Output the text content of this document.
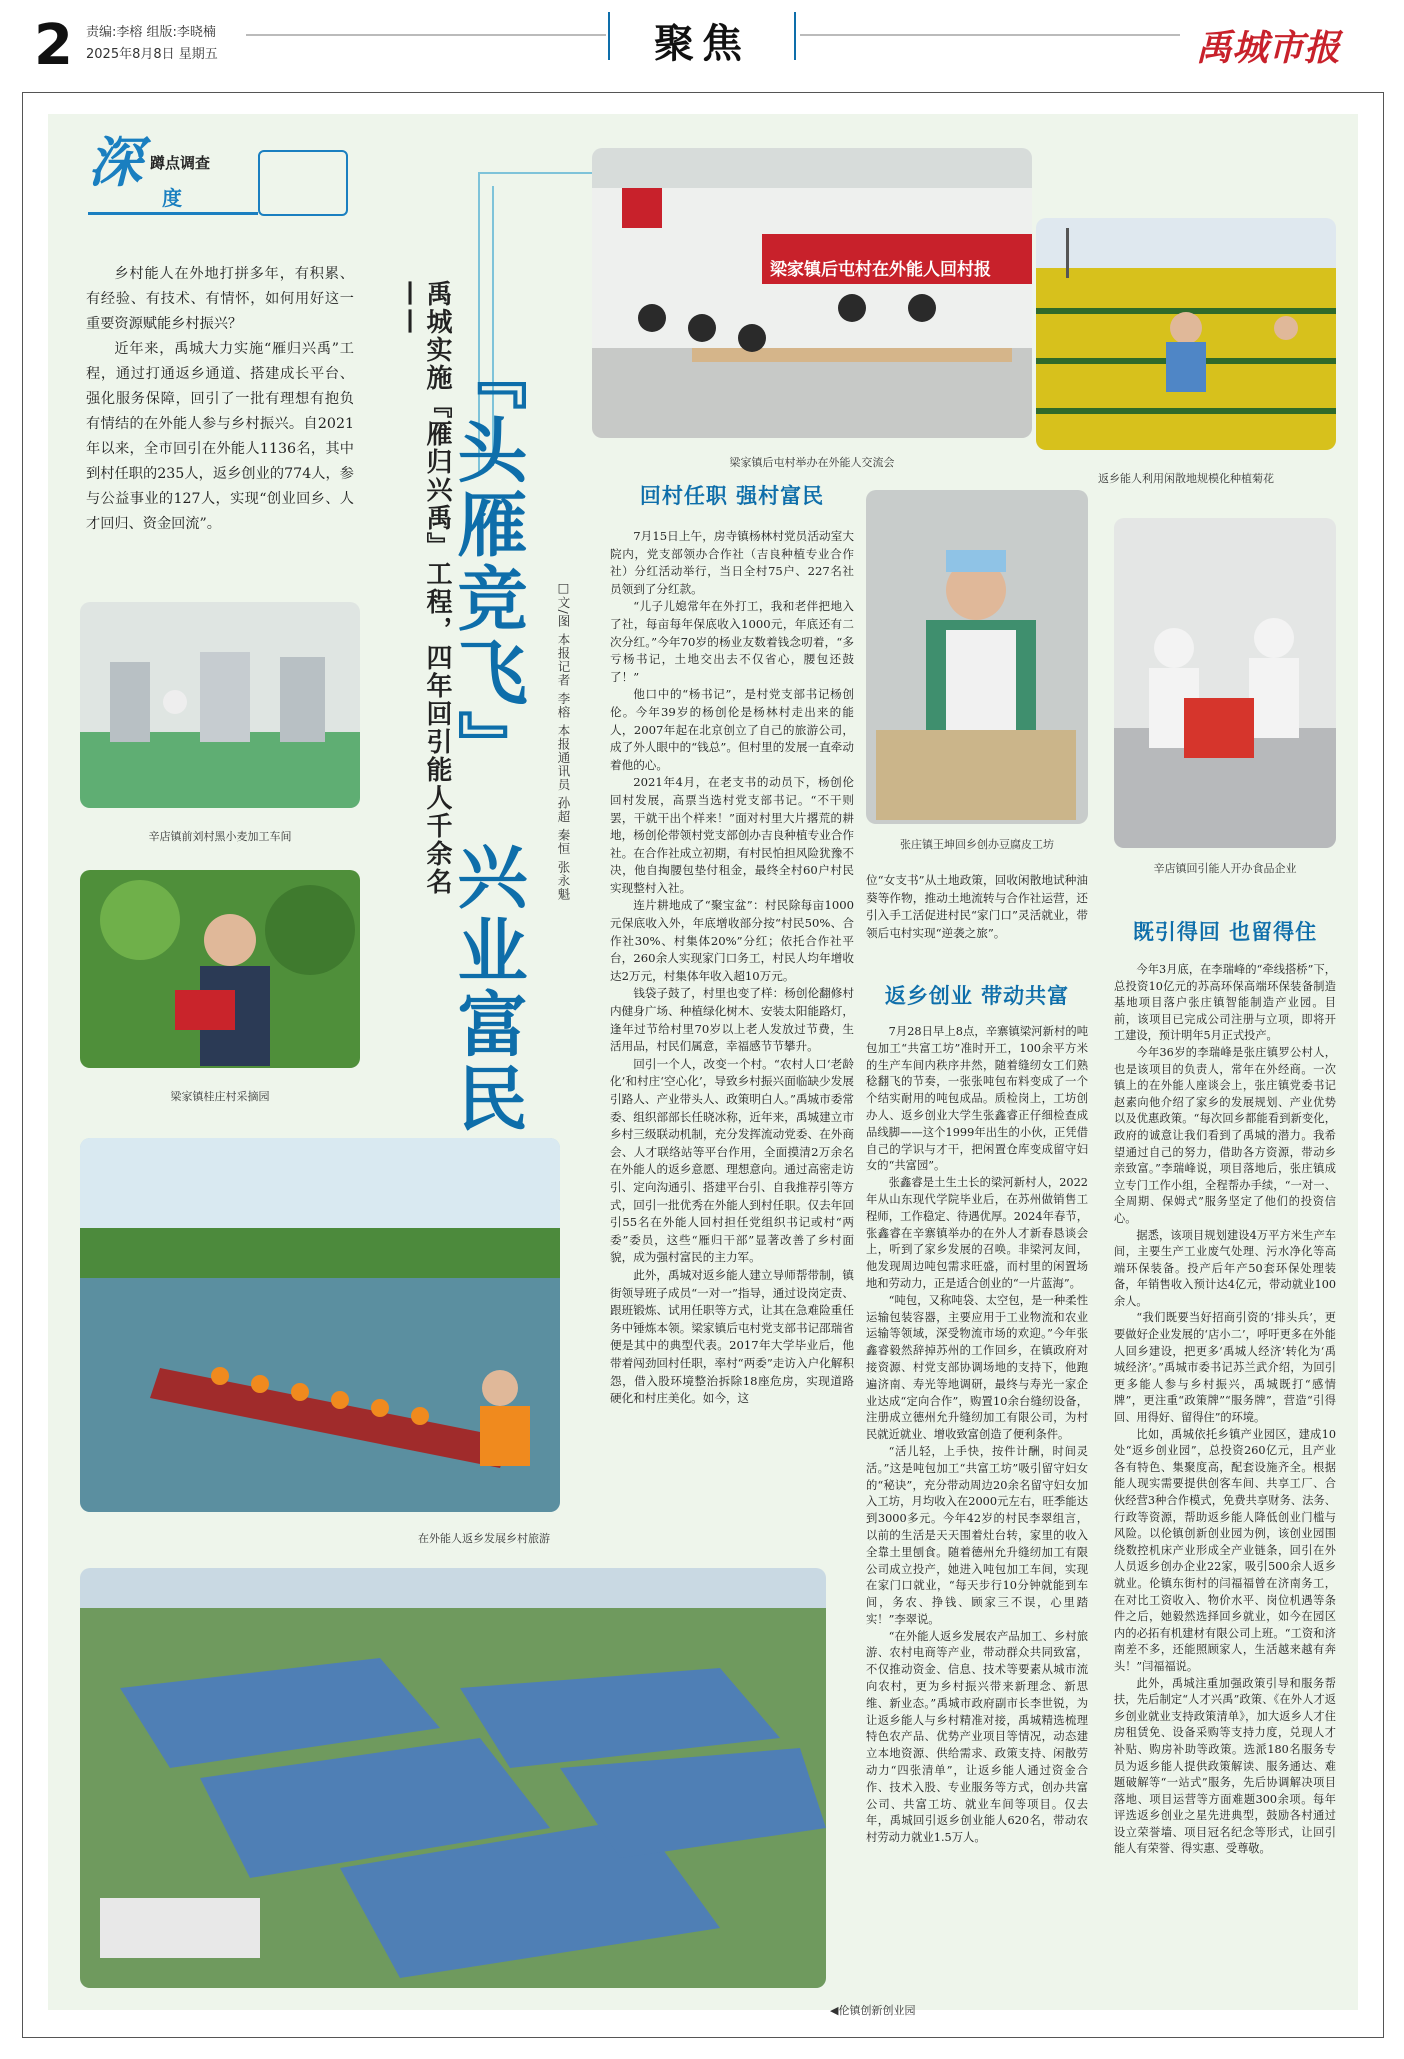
2 责编:李榕 组版:李晓楠
2025年8月8日 星期五	聚焦	禹城市报
深 蹲点调查
度

乡村能人在外地打拼多年，有积累、有经验、有技术、有情怀，如何用好这一重要资源赋能乡村振兴？

近年来，禹城大力实施“雁归兴禹”工程，通过打通返乡通道、搭建成长平台、强化服务保障，回引了一批有理想有抱负有情结的在外能人参与乡村振兴。自2021年以来，全市回引在外能人1136名，其中到村任职的235人，返乡创业的774人，参与公益事业的127人，实现“创业回乡、人才回归、资金回流”。	『头雁竞飞』
兴业富民
禹城实施『雁归兴禹』工程，四年回引能人千余名——
□文/图 本报记者 李榕 本报通讯员 孙超 秦恒 张永魁
辛店镇前刘村黑小麦加工车间
梁家镇桂庄村采摘园
在外能人返乡发展乡村旅游
◀伦镇创新创业园
梁家镇后屯村在外能人回村报
梁家镇后屯村举办在外能人交流会
返乡能人利用闲散地规模化种植菊花
张庄镇王坤回乡创办豆腐皮工坊
辛店镇回引能人开办食品企业
回村任职 强村富民

7月15日上午，房寺镇杨林村党员活动室大院内，党支部领办合作社（吉良种植专业合作社）分红活动举行，当日全村75户、227名社员领到了分红款。

“儿子儿媳常年在外打工，我和老伴把地入了社，每亩每年保底收入1000元，年底还有二次分红。”今年70岁的杨业友数着钱念叨着，“多亏杨书记，土地交出去不仅省心，腰包还鼓了！”

他口中的“杨书记”，是村党支部书记杨创伦。今年39岁的杨创伦是杨林村走出来的能人，2007年起在北京创立了自己的旅游公司，成了外人眼中的“钱总”。但村里的发展一直牵动着他的心。

2021年4月，在老支书的动员下，杨创伦回村发展，高票当选村党支部书记。“不干则罢，干就干出个样来！”面对村里大片撂荒的耕地，杨创伦带领村党支部创办吉良种植专业合作社。在合作社成立初期，有村民怕担风险犹豫不决，他自掏腰包垫付租金，最终全村60户村民实现整村入社。

连片耕地成了“聚宝盆”：村民除每亩1000元保底收入外，年底增收部分按“村民50%、合作社30%、村集体20%”分红；依托合作社平台，260余人实现家门口务工，村民人均年增收达2万元，村集体年收入超10万元。

钱袋子鼓了，村里也变了样：杨创伦翻修村内健身广场、种植绿化树木、安装太阳能路灯，逢年过节给村里70岁以上老人发放过节费，生活用品，村民们属意，幸福感节节攀升。

回引一个人，改变一个村。“农村人口‘老龄化’和村庄‘空心化’，导致乡村振兴面临缺少发展引路人、产业带头人、政策明白人。”禹城市委常委、组织部部长任晓冰称，近年来，禹城建立市乡村三级联动机制，充分发挥流动党委、在外商会、人才联络站等平台作用，全面摸清2万余名在外能人的返乡意愿、理想意向。通过高密走访引、定向沟通引、搭建平台引、自我推荐引等方式，回引一批优秀在外能人到村任职。仅去年回引55名在外能人回村担任党组织书记或村“两委”委员，这些“雁归干部”显著改善了乡村面貌，成为强村富民的主力军。

此外，禹城对返乡能人建立导师帮带制，镇街领导班子成员“一对一”指导，通过设岗定责、跟班锻炼、试用任职等方式，让其在急难险重任务中锤炼本领。梁家镇后屯村党支部书记邵瑞省便是其中的典型代表。2017年大学毕业后，他带着闯劲回村任职，率村“两委”走访入户化解积怨，借入股环境整治拆除18座危房，实现道路硬化和村庄美化。如今，这

位“女支书”从土地政策，回收闲散地试种油葵等作物，推动土地流转与合作社运营，还引入手工活促进村民“家门口”灵活就业，带领后屯村实现“逆袭之旅”。

返乡创业 带动共富

7月28日早上8点，辛寨镇梁河新村的吨包加工“共富工坊”准时开工，100余平方米的生产车间内秩序井然，随着缝纫女工们熟稔翻飞的节奏，一张张吨包布料变成了一个个结实耐用的吨包成品。质检岗上，工坊创办人、返乡创业大学生张鑫睿正仔细检查成品线脚——这个1999年出生的小伙，正凭借自己的学识与才干，把闲置仓库变成留守妇女的“共富园”。

张鑫睿是土生土长的梁河新村人，2022年从山东现代学院毕业后，在苏州做销售工程师，工作稳定、待遇优厚。2024年春节，张鑫睿在辛寨镇举办的在外人才新春恳谈会上，听到了家乡发展的召唤。非梁河友间，他发现周边吨包需求旺盛，而村里的闲置场地和劳动力，正是适合创业的“一片蓝海”。

“吨包，又称吨袋、太空包，是一种柔性运输包装容器，主要应用于工业物流和农业运输等领域，深受物流市场的欢迎。”今年张鑫睿毅然辞掉苏州的工作回乡，在镇政府对接资源、村党支部协调场地的支持下，他跑遍济南、寿光等地调研，最终与寿光一家企业达成“定向合作”，购置10余台缝纫设备，注册成立德州允升缝纫加工有限公司，为村民就近就业、增收致富创造了便利条件。

“活儿轻，上手快，按件计酬，时间灵活。”这是吨包加工“共富工坊”吸引留守妇女的“秘诀”，充分带动周边20余名留守妇女加入工坊，月均收入在2000元左右，旺季能达到3000多元。今年42岁的村民李翠组言，以前的生活是天天围着灶台转，家里的收入全靠土里刨食。随着德州允升缝纫加工有限公司成立投产，她进入吨包加工车间，实现在家门口就业，“每天步行10分钟就能到车间，务农、挣钱、顾家三不误，心里踏实！”李翠说。

“在外能人返乡发展农产品加工、乡村旅游、农村电商等产业，带动群众共同致富，不仅推动资金、信息、技术等要素从城市流向农村，更为乡村振兴带来新理念、新思维、新业态。”禹城市政府副市长李世锐，为让返乡能人与乡村精准对接，禹城精选梳理特色农产品、优势产业项目等情况，动态建立本地资源、供给需求、政策支持、闲散劳动力“四张清单”，让返乡能人通过资金合作、技术入股、专业服务等方式，创办共富公司、共富工坊、就业车间等项目。仅去年，禹城回引返乡创业能人620名，带动农村劳动力就业1.5万人。

既引得回 也留得住

今年3月底，在李瑞峰的“牵线搭桥”下，总投资10亿元的苏高环保高端环保装备制造基地项目落户张庄镇智能制造产业园。目前，该项目已完成公司注册与立项，即将开工建设，预计明年5月正式投产。

今年36岁的李瑞峰是张庄镇罗公村人，也是该项目的负责人，常年在外经商。一次镇上的在外能人座谈会上，张庄镇党委书记赵素向他介绍了家乡的发展规划、产业优势以及优惠政策。“每次回乡都能看到新变化，政府的诚意让我们看到了禹城的潜力。我希望通过自己的努力，借助各方资源，带动乡亲致富。”李瑞峰说，项目落地后，张庄镇成立专门工作小组，全程帮办手续，“一对一、全周期、保姆式”服务坚定了他们的投资信心。

据悉，该项目规划建设4万平方米生产车间，主要生产工业废气处理、污水净化等高端环保装备。投产后年产50套环保处理装备，年销售收入预计达4亿元，带动就业100余人。

“我们既要当好招商引资的‘排头兵’，更要做好企业发展的‘店小二’，呼吁更多在外能人回乡建设，把更多‘禹城人经济’转化为‘禹城经济’。”禹城市委书记苏兰武介绍，为回引更多能人参与乡村振兴，禹城既打“感情牌”，更注重“政策牌”“服务牌”，营造“引得回、用得好、留得住”的环境。

比如，禹城依托乡镇产业园区，建成10处“返乡创业园”，总投资260亿元，且产业各有特色、集聚度高，配套设施齐全。根据能人现实需要提供创客车间、共享工厂、合伙经营3种合作模式，免费共享财务、法务、行政等资源，帮助返乡能人降低创业门槛与风险。以伦镇创新创业园为例，该创业园围绕数控机床产业形成全产业链条，回引在外人员返乡创办企业22家，吸引500余人返乡就业。伦镇东街村的闫福福曾在济南务工，在对比工资收入、物价水平、岗位机遇等条件之后，她毅然选择回乡就业，如今在园区内的必拓有机建材有限公司上班。“工资和济南差不多，还能照顾家人，生活越来越有奔头！”闫福福说。

此外，禹城注重加强政策引导和服务帮扶，先后制定“人才兴禹”政策、《在外人才返乡创业就业支持政策清单》，加大返乡人才住房租赁免、设备采购等支持力度，兑现人才补贴、购房补助等政策。选派180名服务专员为返乡能人提供政策解读、服务通达、难题破解等“一站式”服务，先后协调解决项目落地、项目运营等方面难题300余项。每年评选返乡创业之星先进典型，鼓励各村通过设立荣誉墙、项目冠名纪念等形式，让回引能人有荣誉、得实惠、受尊敬。
